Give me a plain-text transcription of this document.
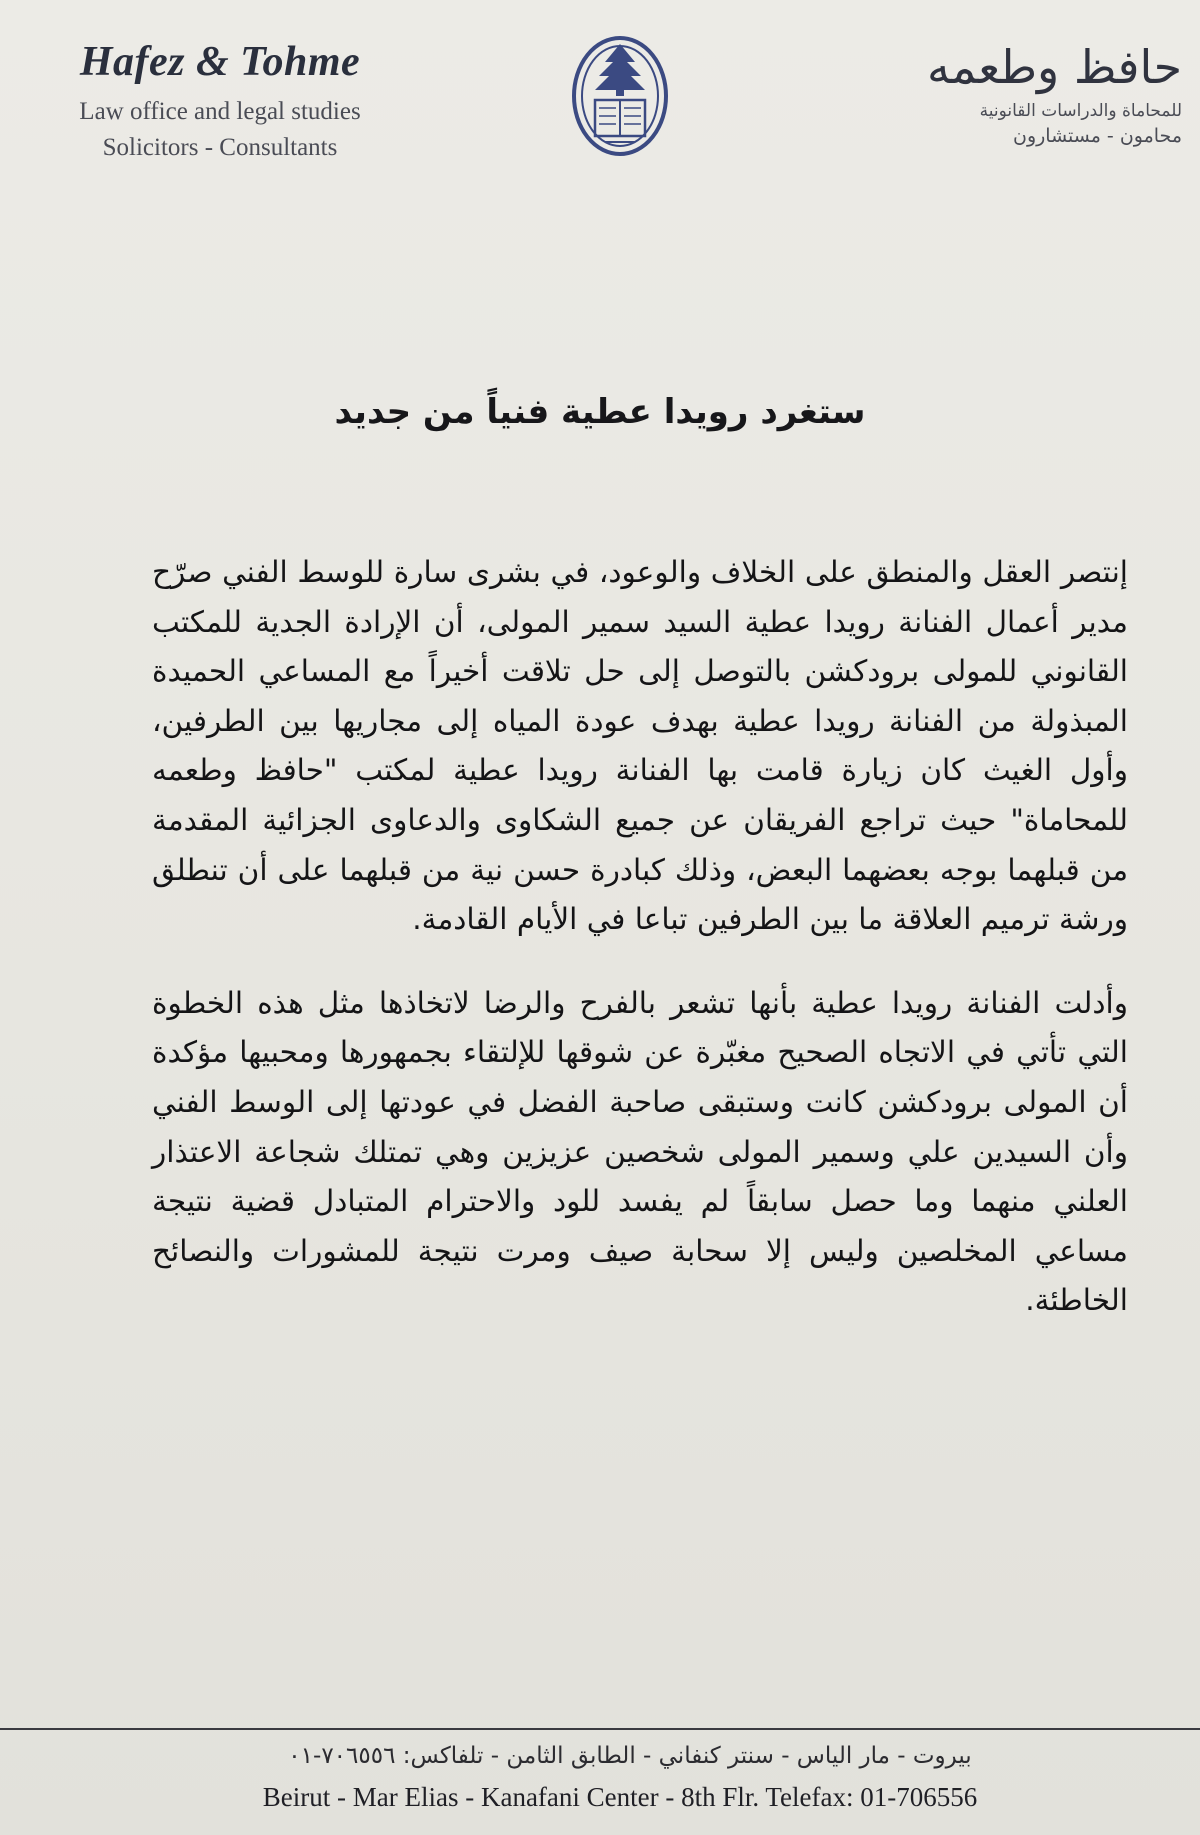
Hafez & Tohme
Law office and legal studies
Solicitors - Consultants
حافظ وطعمه
للمحاماة والدراسات القانونية
محامون - مستشارون
ستغرد رويدا عطية فنياً من جديد

إنتصر العقل والمنطق على الخلاف والوعود، في بشرى سارة للوسط الفني صرّح مدير أعمال الفنانة رويدا عطية السيد سمير المولى، أن الإرادة الجدية للمكتب القانوني للمولى برودكشن بالتوصل إلى حل تلاقت أخيراً مع المساعي الحميدة المبذولة من الفنانة رويدا عطية بهدف عودة المياه إلى مجاريها بين الطرفين، وأول الغيث كان زيارة قامت بها الفنانة رويدا عطية لمكتب "حافظ وطعمه للمحاماة" حيث تراجع الفريقان عن جميع الشكاوى والدعاوى الجزائية المقدمة من قبلهما بوجه بعضهما البعض، وذلك كبادرة حسن نية من قبلهما على أن تنطلق ورشة ترميم العلاقة ما بين الطرفين تباعا في الأيام القادمة.

وأدلت الفنانة رويدا عطية بأنها تشعر بالفرح والرضا لاتخاذها مثل هذه الخطوة التي تأتي في الاتجاه الصحيح مغبّرة عن شوقها للإلتقاء بجمهورها ومحبيها مؤكدة أن المولى برودكشن كانت وستبقى صاحبة الفضل في عودتها إلى الوسط الفني وأن السيدين علي وسمير المولى شخصين عزيزين وهي تمتلك شجاعة الاعتذار العلني منهما وما حصل سابقاً لم يفسد للود والاحترام المتبادل قضية نتيجة مساعي المخلصين وليس إلا سحابة صيف ومرت نتيجة للمشورات والنصائح الخاطئة.

بيروت - مار الياس - سنتر كنفاني - الطابق الثامن - تلفاكس: ٧٠٦٥٥٦-٠١
Beirut - Mar Elias - Kanafani Center - 8th Flr. Telefax: 01-706556
